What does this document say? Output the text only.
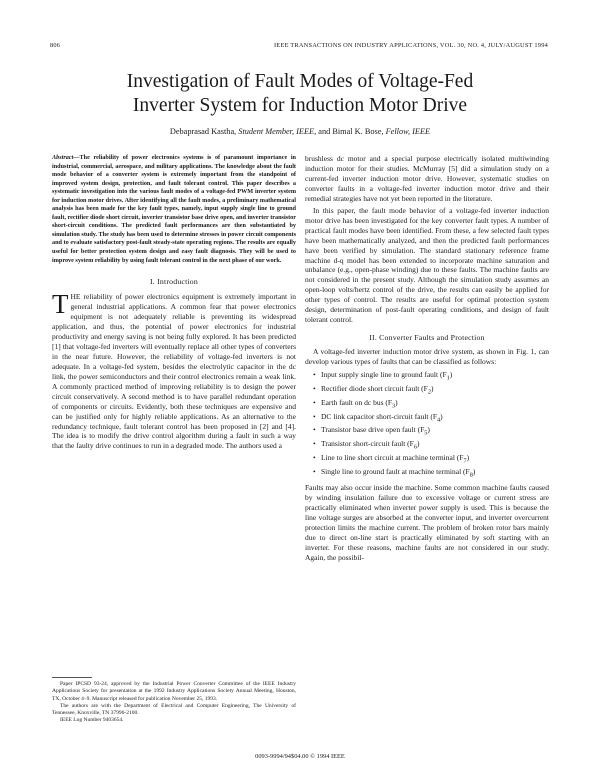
806	IEEE TRANSACTIONS ON INDUSTRY APPLICATIONS, VOL. 30, NO. 4, JULY/AUGUST 1994
Investigation of Fault Modes of Voltage-Fed
Inverter System for Induction Motor Drive
Debaprasad Kastha, Student Member, IEEE, and Bimal K. Bose, Fellow, IEEE

Abstract—The reliability of power electronics systems is of paramount importance in industrial, commercial, aerospace, and military applications. The knowledge about the fault mode behavior of a converter system is extremely important from the standpoint of improved system design, protection, and fault tolerant control. This paper describes a systematic investigation into the various fault modes of a voltage-fed PWM inverter system for induction motor drives. After identifying all the fault modes, a preliminary mathematical analysis has been made for the key fault types, namely, input supply single line to ground fault, rectifier diode short circuit, inverter transistor base drive open, and inverter transistor short-circuit conditions. The predicted fault performances are then substantiated by simulation study. The study has been used to determine stresses in power circuit components and to evaluate satisfactory post-fault steady-state operating regions. The results are equally useful for better protection system design and easy fault diagnosis. They will be used to improve system reliability by using fault tolerant control in the next phase of our work.

I. Introduction

THE reliability of power electronics equipment is extremely important in general industrial applications. A common fear that power electronics equipment is not adequately reliable is preventing its widespread application, and thus, the potential of power electronics for industrial productivity and energy saving is not being fully explored. It has been predicted [1] that voltage-fed inverters will eventually replace all other types of converters in the near future. However, the reliability of voltage-fed inverters is not adequate. In a voltage-fed system, besides the electrolytic capacitor in the dc link, the power semiconductors and their control electronics remain a weak link. A commonly practiced method of improving reliability is to design the power circuit conservatively. A second method is to have parallel redundant operation of components or circuits. Evidently, both these techniques are expensive and can be justified only for highly reliable applications. As an alternative to the redundancy technique, fault tolerant control has been proposed in [2] and [4]. The idea is to modify the drive control algorithm during a fault in such a way that the faulty drive continues to run in a degraded mode. The authors used a

brushless dc motor and a special purpose electrically isolated multiwinding induction motor for their studies. McMurray [5] did a simulation study on a current-fed inverter induction motor drive. However, systematic studies on converter faults in a voltage-fed inverter induction motor drive and their remedial strategies have not yet been reported in the literature.

In this paper, the fault mode behavior of a voltage-fed inverter induction motor drive has been investigated for the key converter fault types. A number of practical fault modes have been identified. From these, a few selected fault types have been mathematically analyzed, and then the predicted fault performances have been verified by simulation. The standard stationary reference frame machine d-q model has been extended to incorporate machine saturation and unbalance (e.g., open-phase winding) due to these faults. The machine faults are not considered in the present study. Although the simulation study assumes an open-loop volts/hertz control of the drive, the results can easily be applied for other types of control. The results are useful for optimal protection system design, determination of post-fault operating conditions, and design of fault tolerant control.

II. Converter Faults and Protection

A voltage-fed inverter induction motor drive system, as shown in Fig. 1, can develop various types of faults that can be classified as follows:

• Input supply single line to ground fault $(F_1)$
• Rectifier diode short circuit fault $(F_2)$
• Earth fault on dc bus $(F_3)$
• DC link capacitor short-circuit fault $(F_4)$
• Transistor base drive open fault $(F_5)$
• Transistor short-circuit fault $(F_6)$
• Line to line short circuit at machine terminal $(F_7)$
• Single line to ground fault at machine terminal $(F_8)$

Faults may also occur inside the machine. Some common machine faults caused by winding insulation failure due to excessive voltage or current stress are practically eliminated when inverter power supply is used. This is because the line voltage surges are absorbed at the converter input, and inverter overcurrent protection limits the machine current. The problem of broken rotor bars mainly due to direct on-line start is practically eliminated by soft starting with an inverter. For these reasons, machine faults are not considered in our study. Again, the possibil-

Paper IPCSD 93-24, approved by the Industrial Power Converter Committee of the IEEE Industry Applications Society for presentation at the 1992 Industry Applications Society Annual Meeting, Houston, TX, October 4–9. Manuscript released for publication November 25, 1993.

The authors are with the Department of Electrical and Computer Engineering, The University of Tennessee, Knoxville, TN 37996-2100.

IEEE Log Number 9403654.

0093-9994/94$04.00 © 1994 IEEE
